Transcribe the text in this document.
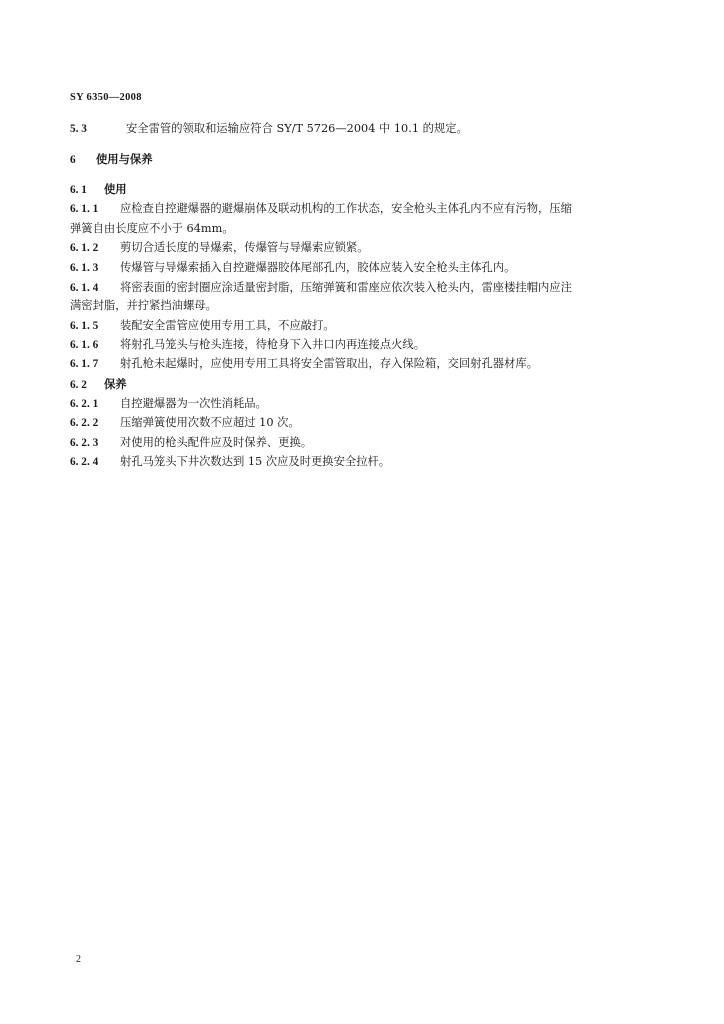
SY 6350—2008
5. 3	安全雷管的领取和运输应符合 SY/T 5726—2004 中 10.1 的规定。
6 使用与保养
6. 1 使用
6. 1. 1 应检查自控避爆器的避爆崩体及联动机构的工作状态，安全枪头主体孔内不应有污物，压缩
弹簧自由长度应不小于 64mm。
6. 1. 2 剪切合适长度的导爆索，传爆管与导爆索应锁紧。
6. 1. 3 传爆管与导爆索插入自控避爆器胶体尾部孔内，胶体应装入安全枪头主体孔内。
6. 1. 4 将密表面的密封圈应涂适量密封脂，压缩弹簧和雷座应依次装入枪头内，雷座楼挂帽内应注
满密封脂，并拧紧挡油螺母。
6. 1. 5 装配安全雷管应使用专用工具，不应敲打。
6. 1. 6 将射孔马笼头与枪头连接，待枪身下入井口内再连接点火线。
6. 1. 7 射孔枪未起爆时，应使用专用工具将安全雷管取出，存入保险箱，交回射孔器材库。
6. 2 保养
6. 2. 1 自控避爆器为一次性消耗品。
6. 2. 2 压缩弹簧使用次数不应超过 10 次。
6. 2. 3 对使用的枪头配件应及时保养、更换。
6. 2. 4 射孔马笼头下井次数达到 15 次应及时更换安全拉杆。
2
